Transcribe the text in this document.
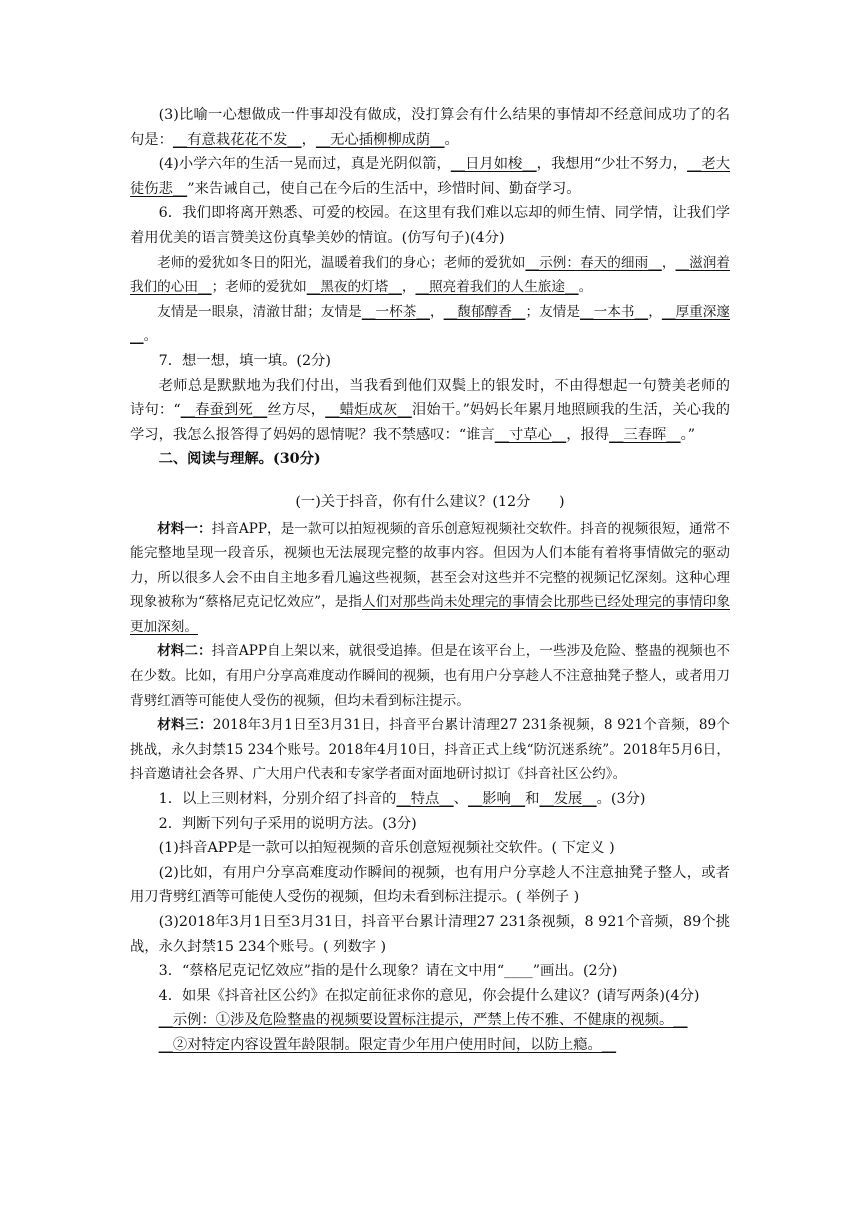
(3)比喻一心想做成一件事却没有做成，没打算会有什么结果的事情却不经意间成功了的名句是：__有意栽花花不发__，__无心插柳柳成荫__。

(4)小学六年的生活一晃而过，真是光阴似箭，__日月如梭__，我想用“少壮不努力，__老大徒伤悲__”来告诫自己，使自己在今后的生活中，珍惜时间、勤奋学习。

6．我们即将离开熟悉、可爱的校园。在这里有我们难以忘却的师生情、同学情，让我们学着用优美的语言赞美这份真挚美妙的情谊。(仿写句子)(4分)

老师的爱犹如冬日的阳光，温暖着我们的身心；老师的爱犹如__示例：春天的细雨__，__滋润着我们的心田__；老师的爱犹如__黑夜的灯塔__，__照亮着我们的人生旅途__。

友情是一眼泉，清澈甘甜；友情是__一杯茶__，__馥郁醇香__；友情是__一本书__，__厚重深邃__。

7．想一想，填一填。(2分)

老师总是默默地为我们付出，当我看到他们双鬓上的银发时，不由得想起一句赞美老师的诗句：“__春蚕到死__丝方尽，__蜡炬成灰__泪始干。”妈妈长年累月地照顾我的生活，关心我的学习，我怎么报答得了妈妈的恩情呢？我不禁感叹：“谁言__寸草心__，报得__三春晖__。”

二、阅读与理解。(30分)

(一)关于抖音，你有什么建议？(12分　　)

材料一：抖音APP，是一款可以拍短视频的音乐创意短视频社交软件。抖音的视频很短，通常不能完整地呈现一段音乐，视频也无法展现完整的故事内容。但因为人们本能有着将事情做完的驱动力，所以很多人会不由自主地多看几遍这些视频，甚至会对这些并不完整的视频记忆深刻。这种心理现象被称为“蔡格尼克记忆效应”，是指人们对那些尚未处理完的事情会比那些已经处理完的事情印象更加深刻。

材料二：抖音APP自上架以来，就很受追捧。但是在该平台上，一些涉及危险、整蛊的视频也不在少数。比如，有用户分享高难度动作瞬间的视频，也有用户分享趁人不注意抽凳子整人，或者用刀背劈红酒等可能使人受伤的视频，但均未看到标注提示。

材料三：2018年3月1日至3月31日，抖音平台累计清理27 231条视频，8 921个音频，89个挑战，永久封禁15 234个账号。2018年4月10日，抖音正式上线“防沉迷系统”。2018年5月6日，抖音邀请社会各界、广大用户代表和专家学者面对面地研讨拟订《抖音社区公约》。

1．以上三则材料，分别介绍了抖音的__特点__、__影响__和__发展__。(3分)

2．判断下列句子采用的说明方法。(3分)

(1)抖音APP是一款可以拍短视频的音乐创意短视频社交软件。( 下定义 )

(2)比如，有用户分享高难度动作瞬间的视频，也有用户分享趁人不注意抽凳子整人，或者用刀背劈红酒等可能使人受伤的视频，但均未看到标注提示。( 举例子 )

(3)2018年3月1日至3月31日，抖音平台累计清理27 231条视频，8 921个音频，89个挑战，永久封禁15 234个账号。( 列数字 )

3．“蔡格尼克记忆效应”指的是什么现象？请在文中用“____”画出。(2分)

4．如果《抖音社区公约》在拟定前征求你的意见，你会提什么建议？(请写两条)(4分)

__示例：①涉及危险整蛊的视频要设置标注提示，严禁上传不雅、不健康的视频。__

__②对特定内容设置年龄限制。限定青少年用户使用时间，以防上瘾。__
